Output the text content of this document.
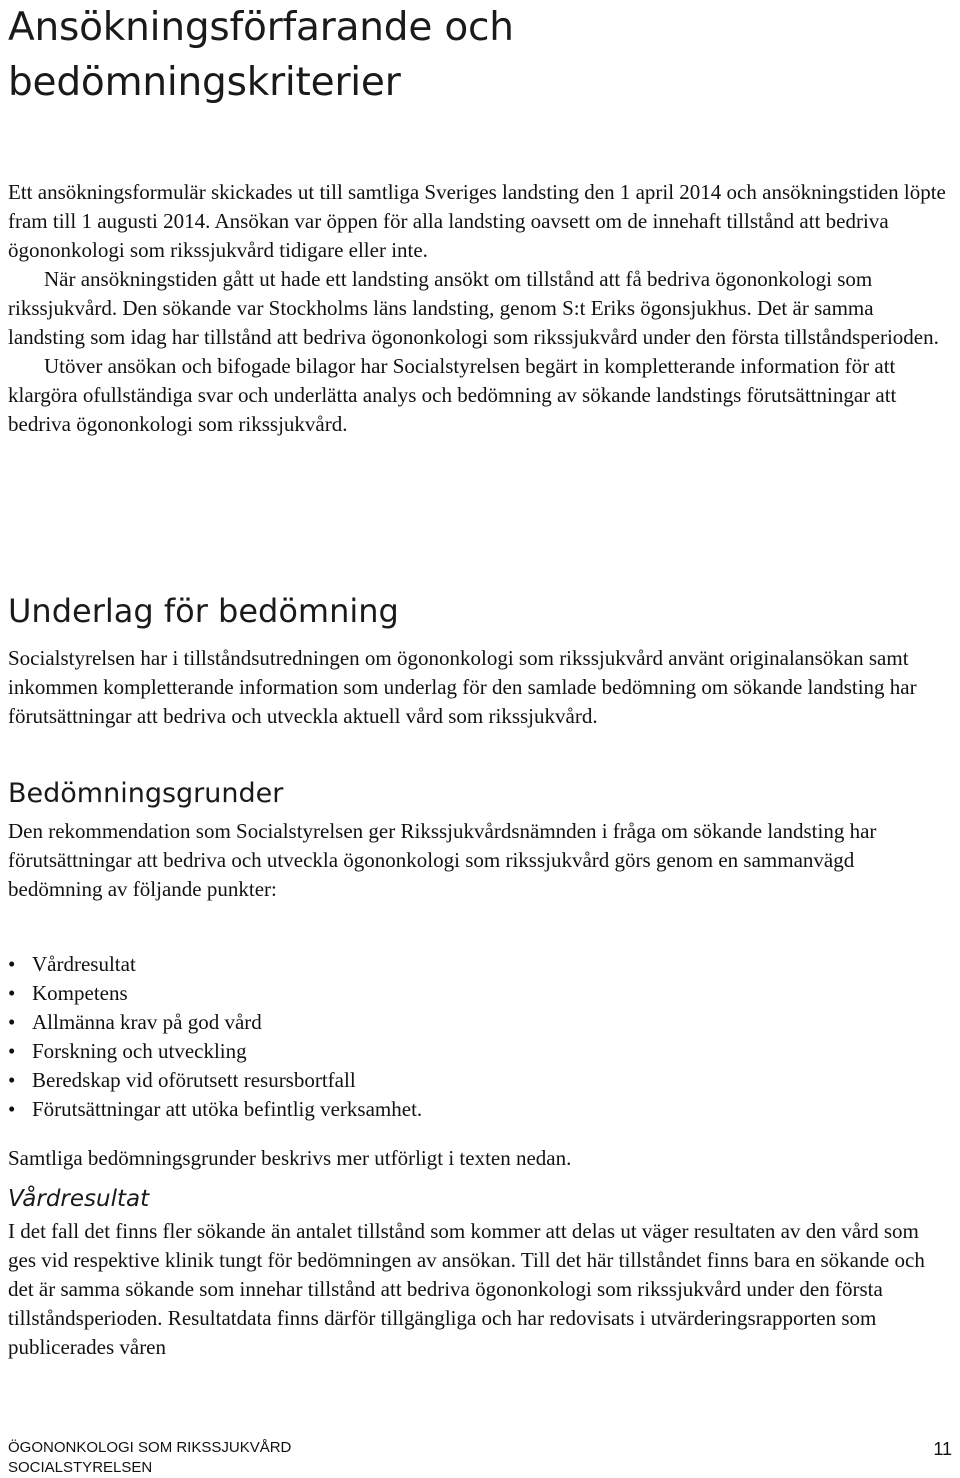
Ansökningsförfarande och
bedömningskriterier

Ett ansökningsformulär skickades ut till samtliga Sveriges landsting den 1 april 2014 och ansökningstiden löpte fram till 1 augusti 2014. Ansökan var öppen för alla landsting oavsett om de innehaft tillstånd att bedriva ögononkologi som rikssjukvård tidigare eller inte.

När ansökningstiden gått ut hade ett landsting ansökt om tillstånd att få bedriva ögononkologi som rikssjukvård. Den sökande var Stockholms läns landsting, genom S:t Eriks ögonsjukhus. Det är samma landsting som idag har tillstånd att bedriva ögononkologi som rikssjukvård under den första tillståndsperioden.

Utöver ansökan och bifogade bilagor har Socialstyrelsen begärt in kompletterande information för att klargöra ofullständiga svar och underlätta analys och bedömning av sökande landstings förutsättningar att bedriva ögononkologi som rikssjukvård.

Underlag för bedömning

Socialstyrelsen har i tillståndsutredningen om ögononkologi som rikssjukvård använt originalansökan samt inkommen kompletterande information som underlag för den samlade bedömning om sökande landsting har förutsättningar att bedriva och utveckla aktuell vård som rikssjukvård.

Bedömningsgrunder

Den rekommendation som Socialstyrelsen ger Rikssjukvårdsnämnden i fråga om sökande landsting har förutsättningar att bedriva och utveckla ögononkologi som rikssjukvård görs genom en sammanvägd bedömning av följande punkter:

• Vårdresultat
• Kompetens
• Allmänna krav på god vård
• Forskning och utveckling
• Beredskap vid oförutsett resursbortfall
• Förutsättningar att utöka befintlig verksamhet.

Samtliga bedömningsgrunder beskrivs mer utförligt i texten nedan.

Vårdresultat

I det fall det finns fler sökande än antalet tillstånd som kommer att delas ut väger resultaten av den vård som ges vid respektive klinik tungt för bedömningen av ansökan. Till det här tillståndet finns bara en sökande och det är samma sökande som innehar tillstånd att bedriva ögononkologi som rikssjukvård under den första tillståndsperioden. Resultatdata finns därför tillgängliga och har redovisats i utvärderingsrapporten som publicerades våren

ÖGONONKOLOGI SOM RIKSSJUKVÅRD
SOCIALSTYRELSEN
11
